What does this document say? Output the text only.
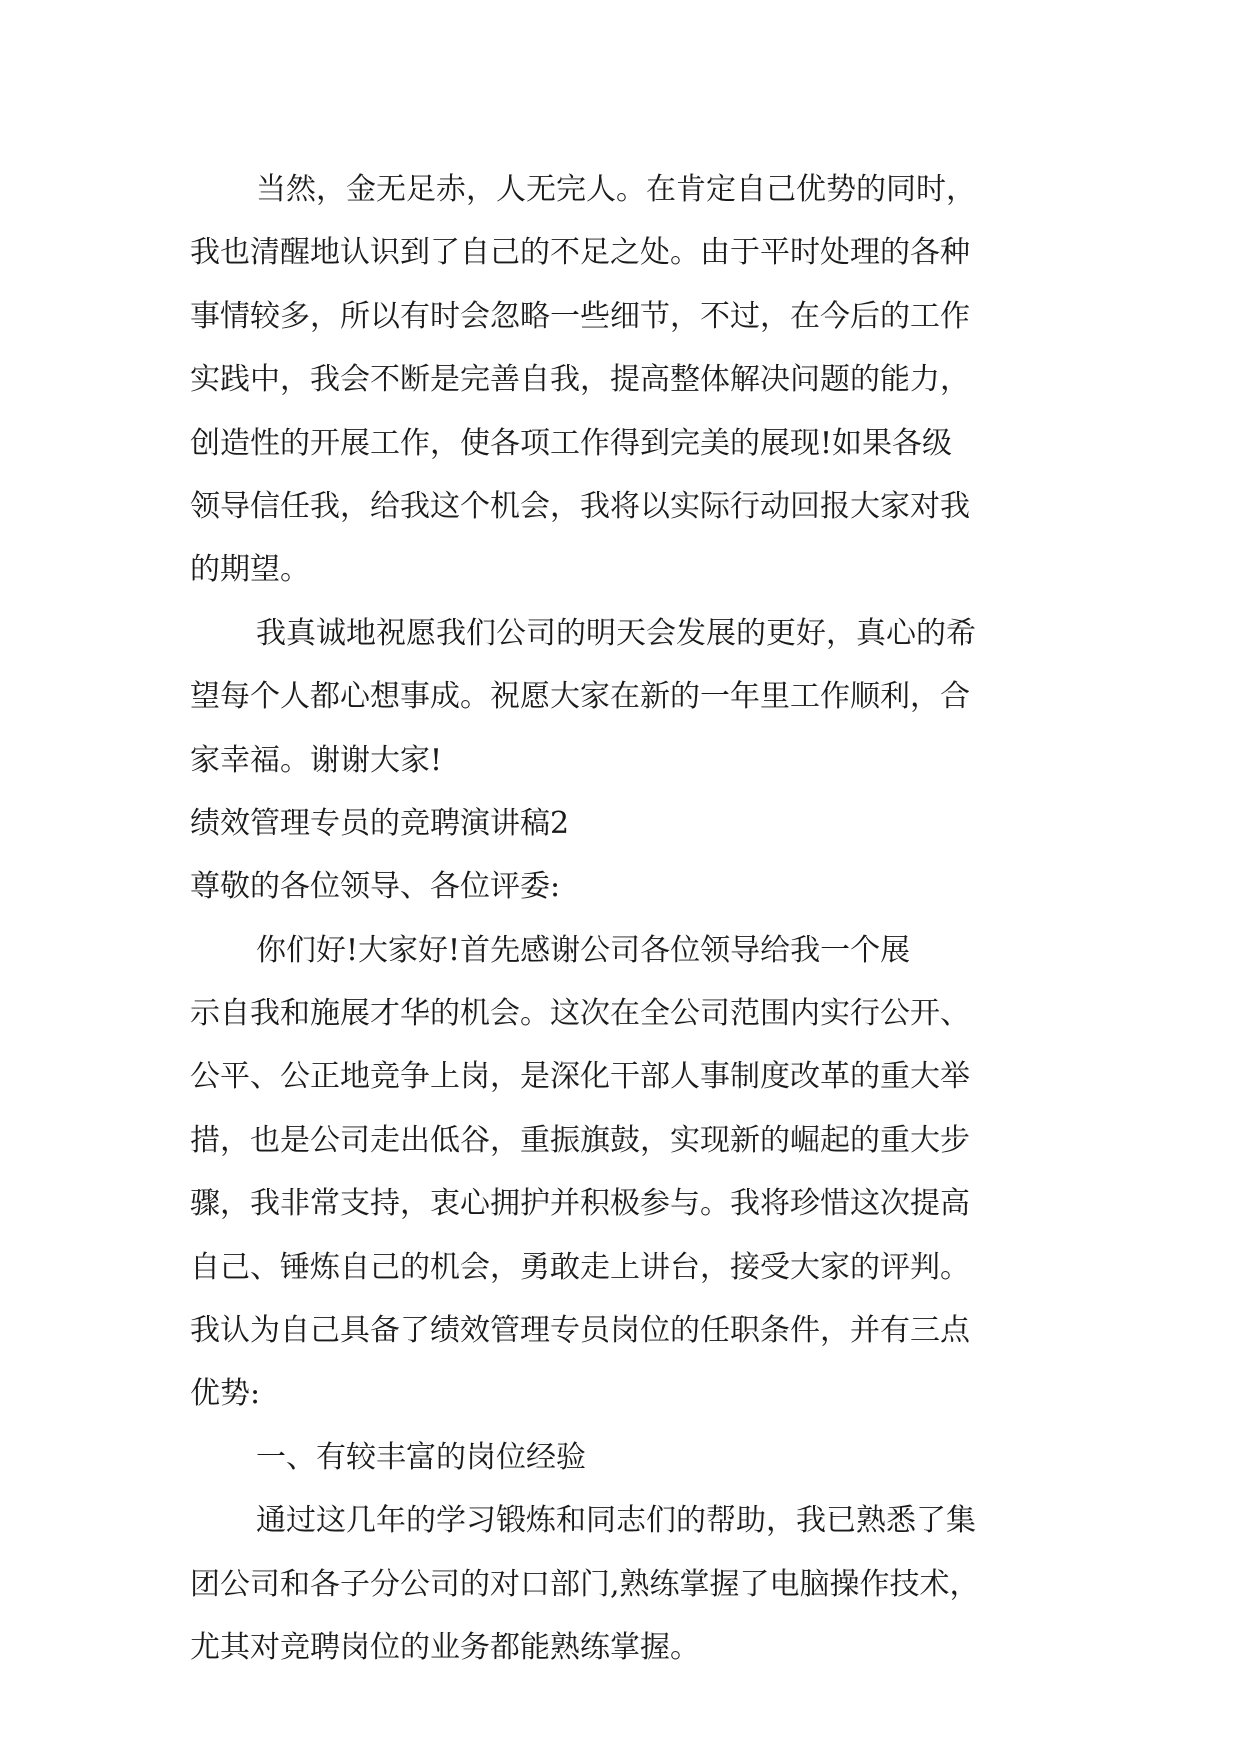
当然，金无足赤，人无完人。在肯定自己优势的同时，
我也清醒地认识到了自己的不足之处。由于平时处理的各种
事情较多，所以有时会忽略一些细节，不过，在今后的工作
实践中，我会不断是完善自我，提高整体解决问题的能力，
创造性的开展工作，使各项工作得到完美的展现!如果各级
领导信任我，给我这个机会，我将以实际行动回报大家对我
的期望。
我真诚地祝愿我们公司的明天会发展的更好，真心的希
望每个人都心想事成。祝愿大家在新的一年里工作顺利，合
家幸福。谢谢大家!
绩效管理专员的竞聘演讲稿2
尊敬的各位领导、各位评委:
你们好!大家好!首先感谢公司各位领导给我一个展
示自我和施展才华的机会。这次在全公司范围内实行公开、
公平、公正地竞争上岗，是深化干部人事制度改革的重大举
措，也是公司走出低谷，重振旗鼓，实现新的崛起的重大步
骤，我非常支持，衷心拥护并积极参与。我将珍惜这次提高
自己、锤炼自己的机会，勇敢走上讲台，接受大家的评判。
我认为自己具备了绩效管理专员岗位的任职条件，并有三点
优势:
一、有较丰富的岗位经验
通过这几年的学习锻炼和同志们的帮助，我已熟悉了集
团公司和各子分公司的对口部门,熟练掌握了电脑操作技术，
尤其对竞聘岗位的业务都能熟练掌握。
